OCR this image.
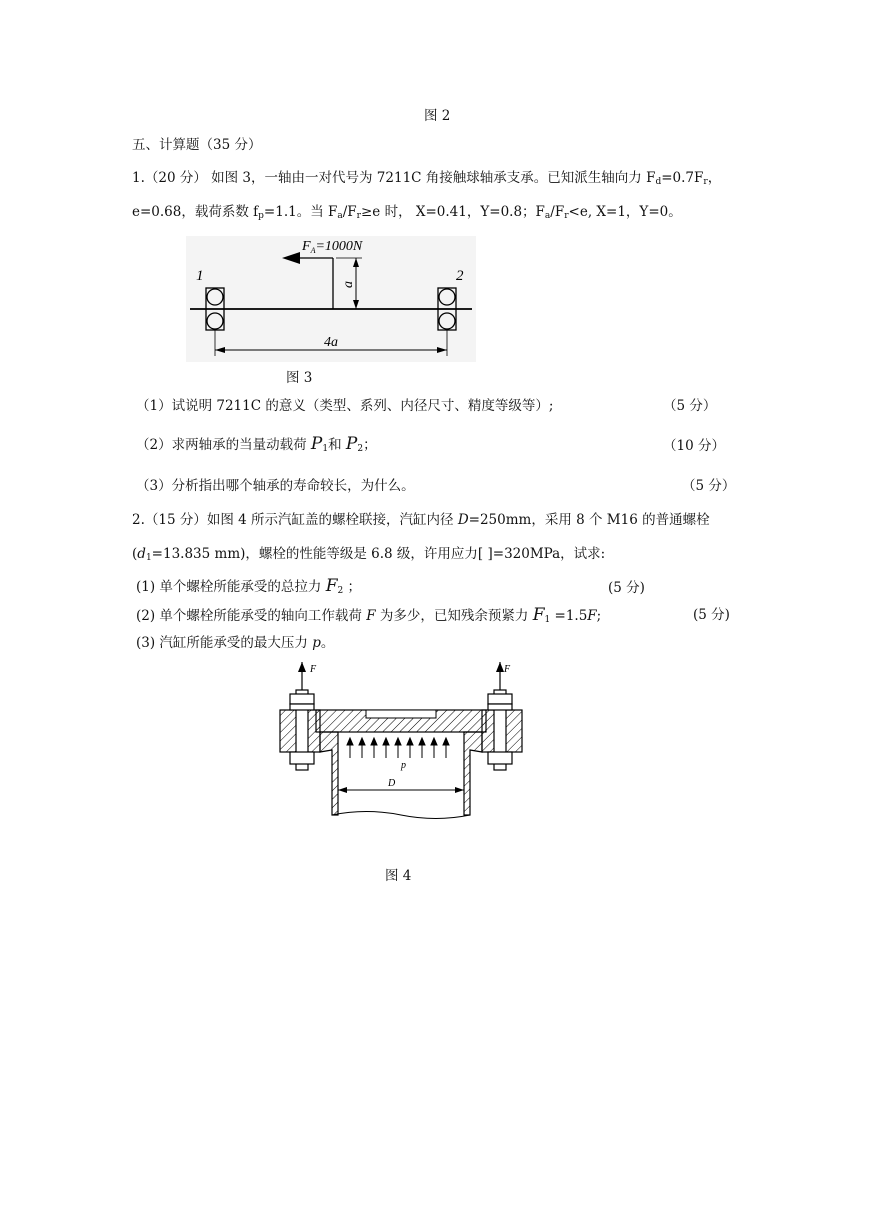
图 2
五、计算题（35 分）
1.（20 分） 如图 3，一轴由一对代号为 7211C 角接触球轴承支承。已知派生轴向力 $F_d=0.7F_r$，
e=0.68，载荷系数 $f_p=1.1$。当 $F_a/F_r\ge e$ 时， X=0.41，Y=0.8；$F_a/F_r<e$, X=1，Y=0。
a
4a
1	2
$F_A=1000N$
图 3
（1）试说明 7211C 的意义（类型、系列、内径尺寸、精度等级等）;	（5 分）
（2）求两轴承的当量动载荷 $P_1$和 $P_2$；	（10 分）
（3）分析指出哪个轴承的寿命较长，为什么。	（5 分）
2.（15 分）如图 4 所示汽缸盖的螺栓联接，汽缸内径 D=250mm，采用 8 个 M16 的普通螺栓
($d_1=13.835$ mm)，螺栓的性能等级是 6.8 级，许用应力[ ]=320MPa，试求:
(1) 单个螺栓所能承受的总拉力 $F_2$ ；	(5 分)
(2) 单个螺栓所能承受的轴向工作载荷 F 为多少，已知残余预紧力 $F_1 =1.5F$;	(5 分)
(3) 汽缸所能承受的最大压力 p。
F	F
p
D
图 4
